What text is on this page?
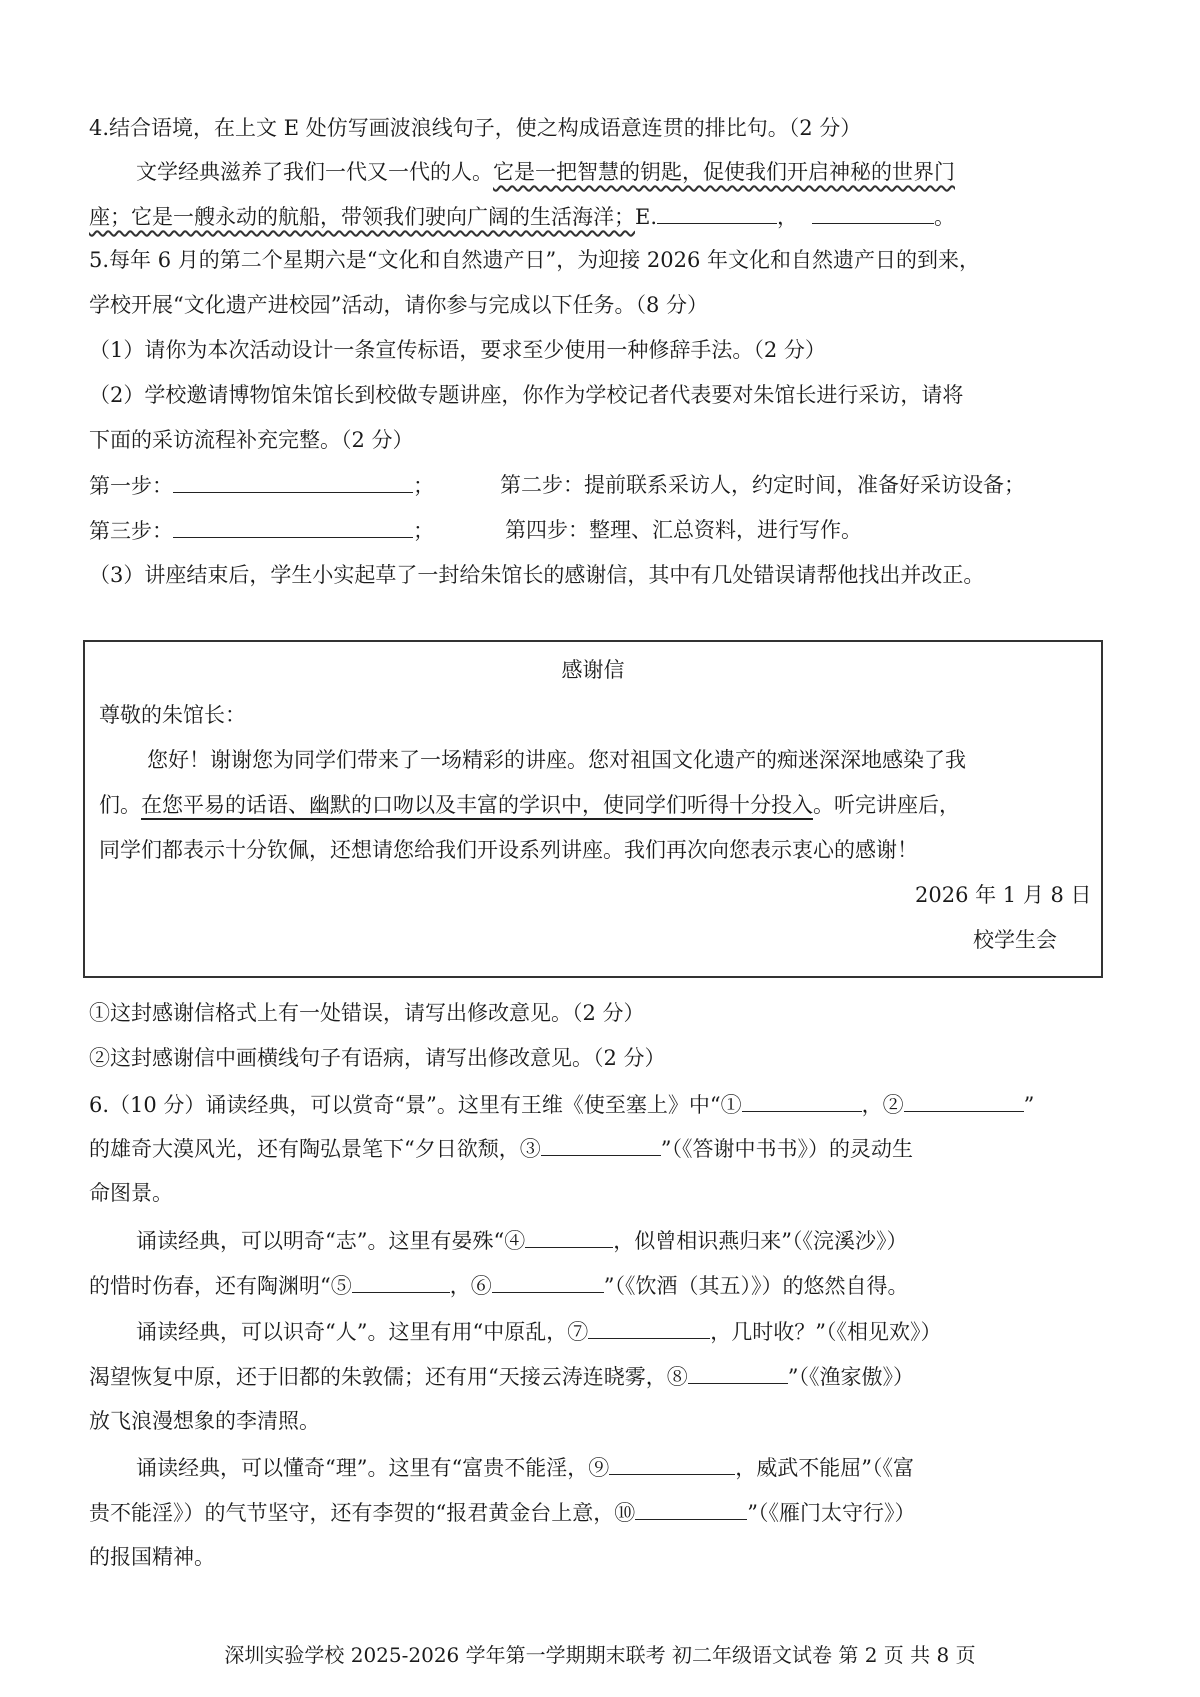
4.结合语境，在上文 E 处仿写画波浪线句子，使之构成语意连贯的排比句。（2 分）
文学经典滋养了我们一代又一代的人。它是一把智慧的钥匙，促使我们开启神秘的世界门
座；它是一艘永动的航船，带领我们驶向广阔的生活海洋；E.	，	。
5.每年 6 月的第二个星期六是“文化和自然遗产日”，为迎接 2026 年文化和自然遗产日的到来，
学校开展“文化遗产进校园”活动，请你参与完成以下任务。（8 分）
（1）请你为本次活动设计一条宣传标语，要求至少使用一种修辞手法。（2 分）
（2）学校邀请博物馆朱馆长到校做专题讲座，你作为学校记者代表要对朱馆长进行采访，请将
下面的采访流程补充完整。（2 分）
第一步：	；	第二步：提前联系采访人，约定时间，准备好采访设备；
第三步：	；	第四步：整理、汇总资料，进行写作。
（3）讲座结束后，学生小实起草了一封给朱馆长的感谢信，其中有几处错误请帮他找出并改正。
感谢信
尊敬的朱馆长：
您好！谢谢您为同学们带来了一场精彩的讲座。您对祖国文化遗产的痴迷深深地感染了我
们。在您平易的话语、幽默的口吻以及丰富的学识中，使同学们听得十分投入。听完讲座后，
同学们都表示十分钦佩，还想请您给我们开设系列讲座。我们再次向您表示衷心的感谢！
2026 年 1 月 8 日
校学生会
①这封感谢信格式上有一处错误，请写出修改意见。（2 分）
②这封感谢信中画横线句子有语病，请写出修改意见。（2 分）
6.（10 分）诵读经典，可以赏奇“景”。这里有王维《使至塞上》中“①	，②	”
的雄奇大漠风光，还有陶弘景笔下“夕日欲颓，③	”（《答谢中书书》）的灵动生
命图景。
诵读经典，可以明奇“志”。这里有晏殊“④	，似曾相识燕归来”（《浣溪沙》）
的惜时伤春，还有陶渊明“⑤	，⑥	”（《饮酒（其五）》）的悠然自得。
诵读经典，可以识奇“人”。这里有用“中原乱，⑦	，几时收？”（《相见欢》）
渴望恢复中原，还于旧都的朱敦儒；还有用“天接云涛连晓雾，⑧	”（《渔家傲》）
放飞浪漫想象的李清照。
诵读经典，可以懂奇“理”。这里有“富贵不能淫，⑨	，威武不能屈”（《富
贵不能淫》）的气节坚守，还有李贺的“报君黄金台上意，⑩	”（《雁门太守行》）
的报国精神。
深圳实验学校 2025-2026 学年第一学期期末联考 初二年级语文试卷 第 2 页 共 8 页
